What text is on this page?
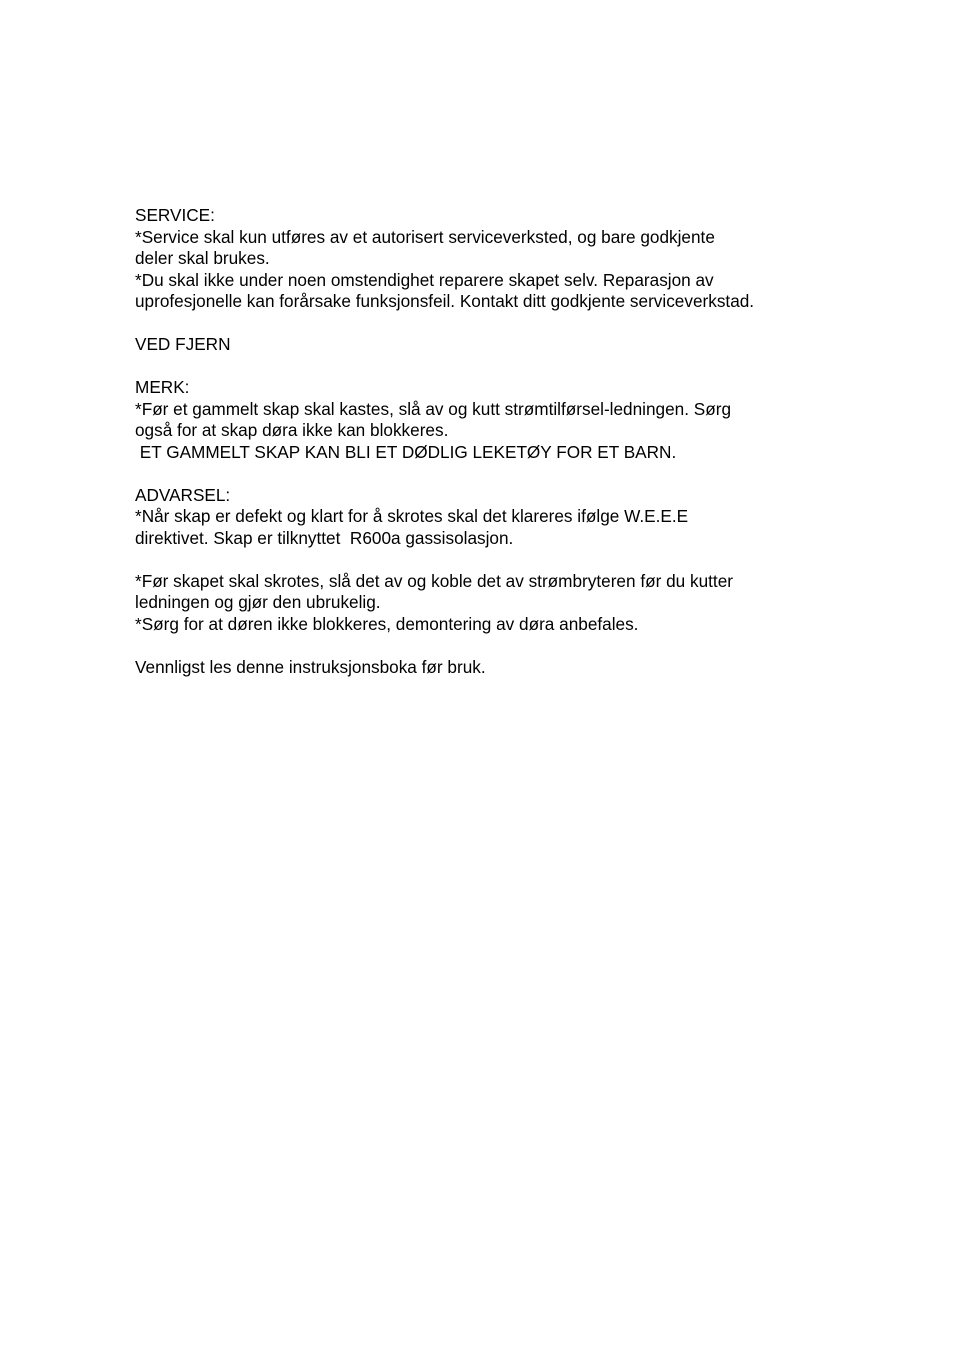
SERVICE:
*Service skal kun utføres av et autorisert serviceverksted, og bare godkjente
deler skal brukes.
*Du skal ikke under noen omstendighet reparere skapet selv. Reparasjon av
uprofesjonelle kan forårsake funksjonsfeil. Kontakt ditt godkjente serviceverkstad.
VED FJERN
MERK:
*Før et gammelt skap skal kastes, slå av og kutt strømtilførsel-ledningen. Sørg
også for at skap døra ikke kan blokkeres.
ET GAMMELT SKAP KAN BLI ET DØDLIG LEKETØY FOR ET BARN.
ADVARSEL:
*Når skap er defekt og klart for å skrotes skal det klareres ifølge W.E.E.E
direktivet. Skap er tilknyttet  R600a gassisolasjon.
*Før skapet skal skrotes, slå det av og koble det av strømbryteren før du kutter
ledningen og gjør den ubrukelig.
*Sørg for at døren ikke blokkeres, demontering av døra anbefales.
Vennligst les denne instruksjonsboka før bruk.
